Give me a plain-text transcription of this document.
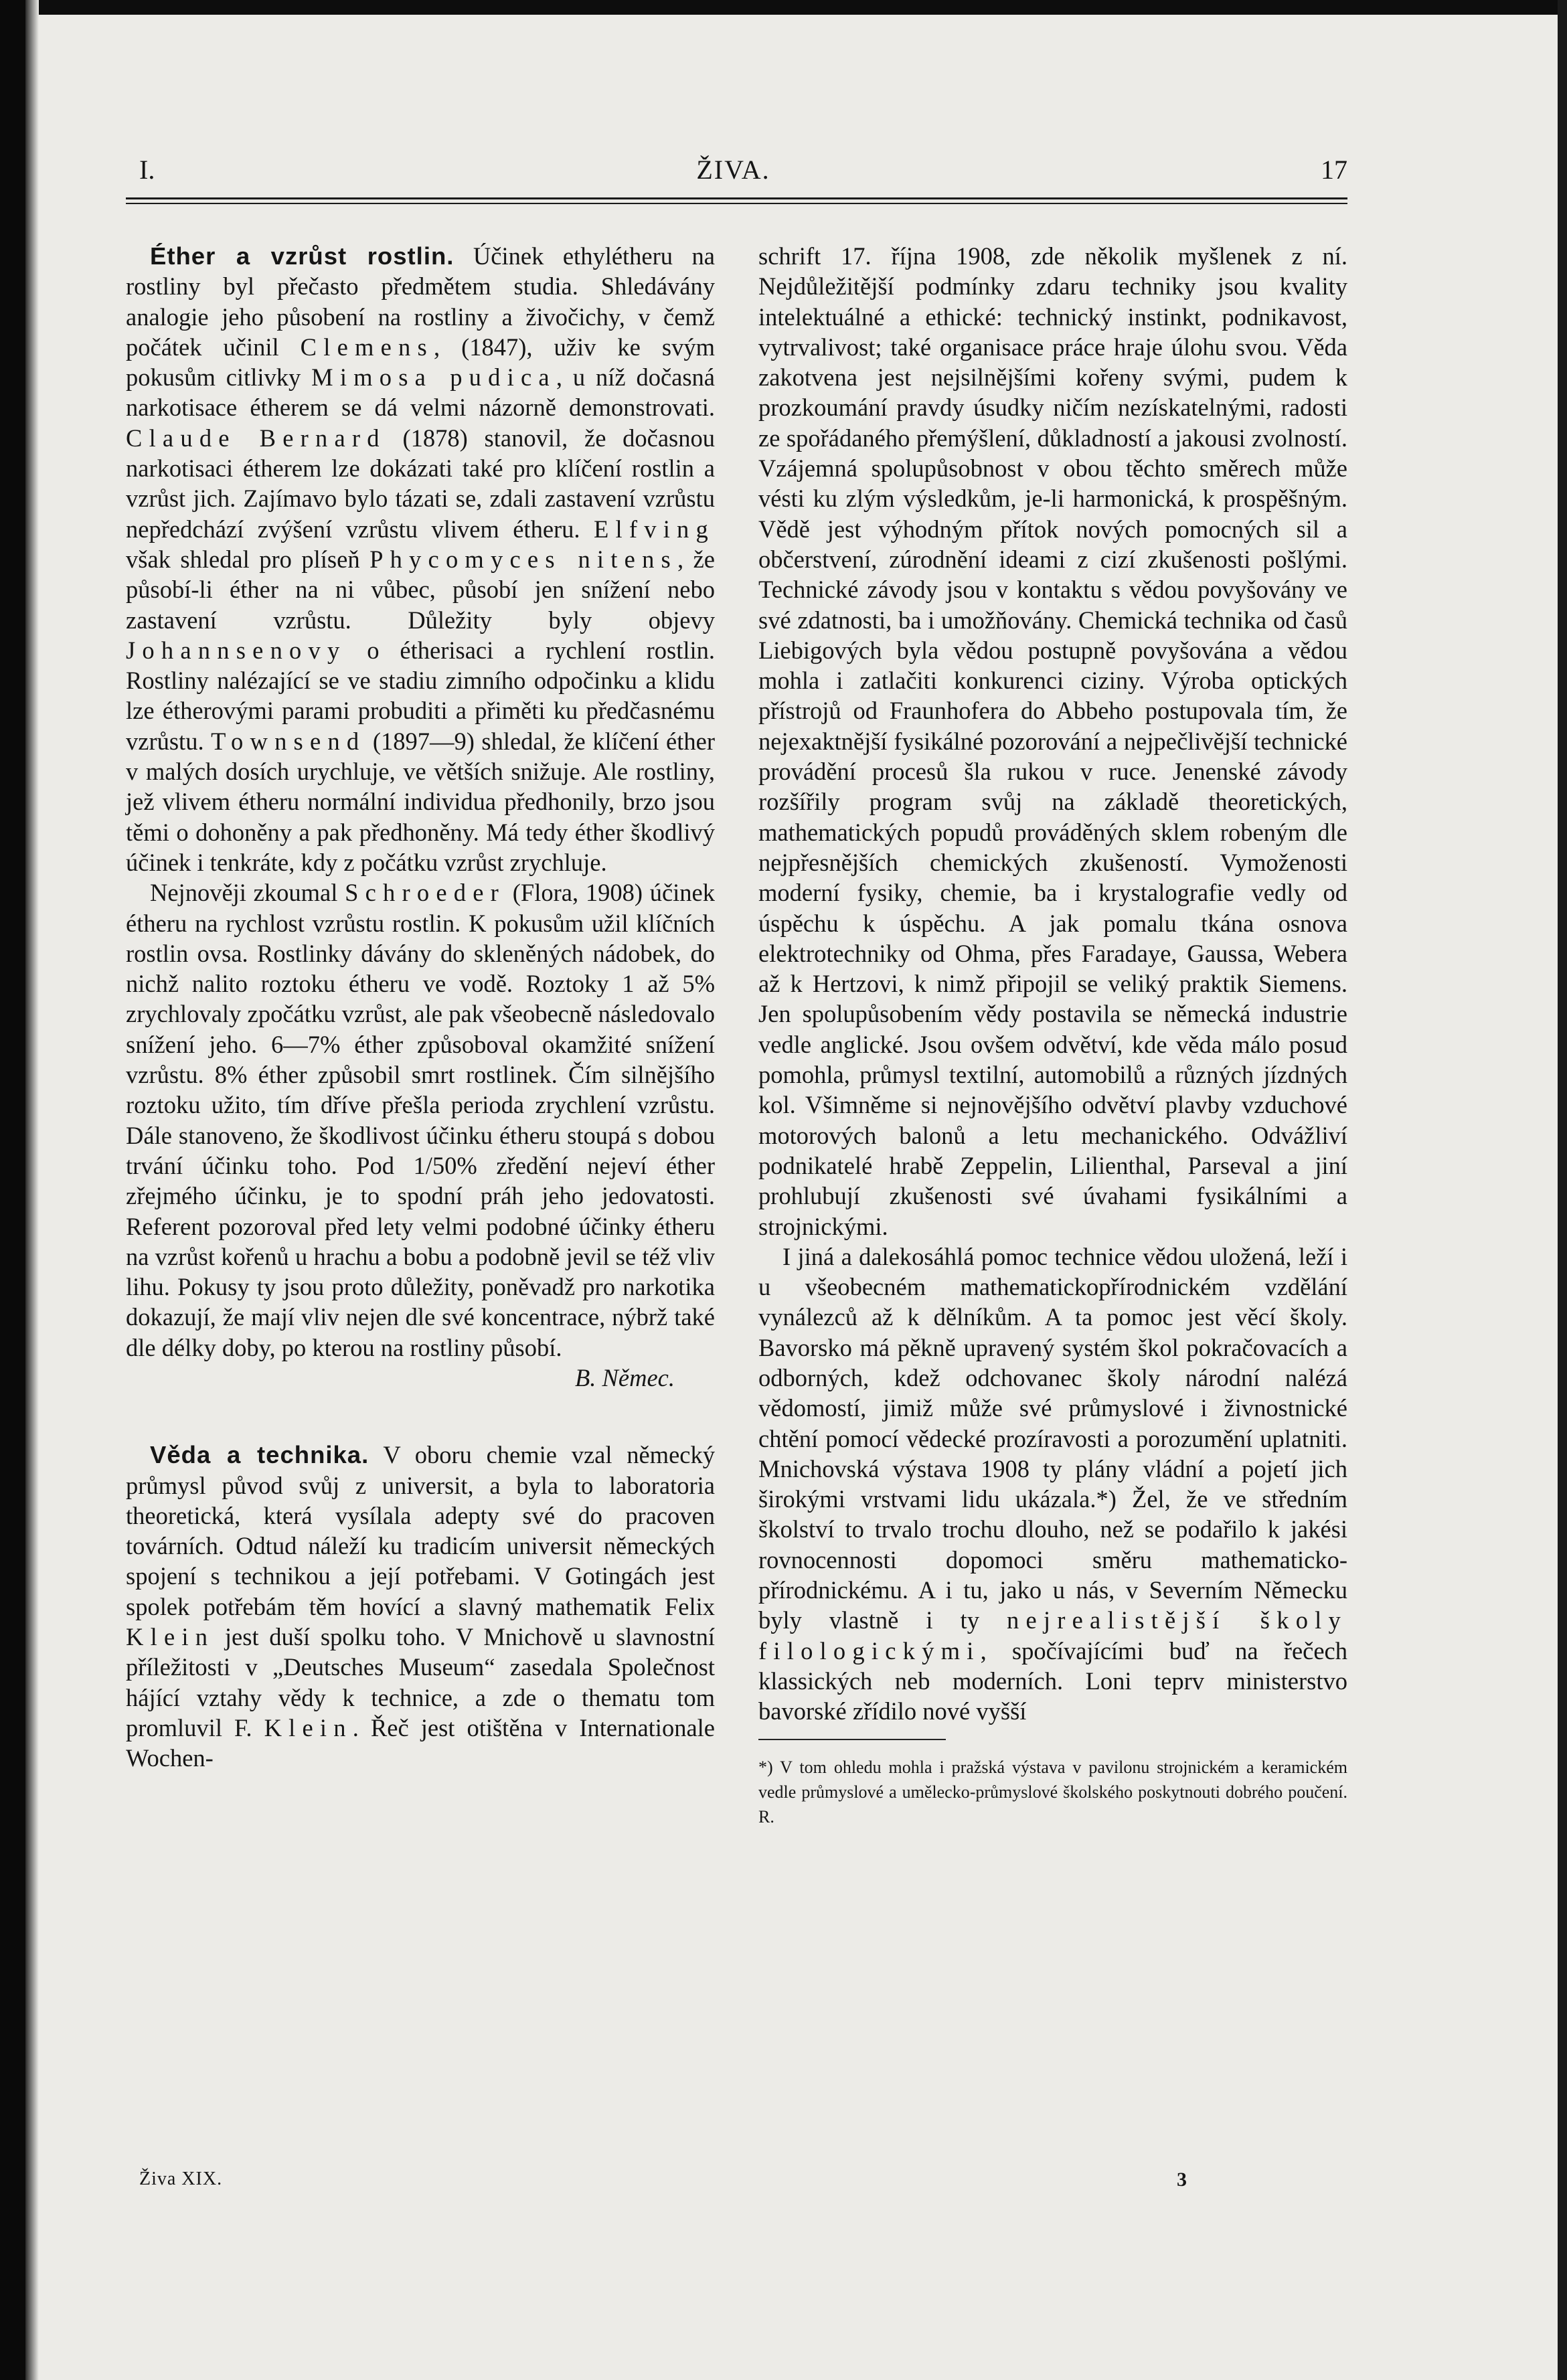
I.	ŽIVA.	17

Éther a vzrůst rostlin. Účinek ethylétheru na rostliny byl přečasto předmětem studia. Shledávány analogie jeho působení na rostliny a živočichy, v čemž počátek učinil Clemens, (1847), uživ ke svým pokusům citlivky Mimosa pudica, u níž dočasná narkotisace étherem se dá velmi názorně demonstrovati. Claude Bernard (1878) stanovil, že dočasnou narkotisaci étherem lze dokázati také pro klíčení rostlin a vzrůst jich. Zajímavo bylo tázati se, zdali zastavení vzrůstu nepředchází zvýšení vzrůstu vlivem étheru. Elfving však shledal pro plíseň Phycomyces nitens, že působí-li éther na ni vůbec, působí jen snížení nebo zastavení vzrůstu. Důležity byly objevy Johannsenovy o étherisaci a rychlení rostlin. Rostliny nalézající se ve stadiu zimního odpočinku a klidu lze étherovými parami probuditi a přiměti ku předčasnému vzrůstu. Townsend (1897—9) shledal, že klíčení éther v malých dosích urychluje, ve větších snižuje. Ale rostliny, jež vlivem étheru normální individua předhonily, brzo jsou těmi o dohoněny a pak předhoněny. Má tedy éther škodlivý účinek i tenkráte, kdy z počátku vzrůst zrychluje.

Nejnověji zkoumal Schroeder (Flora, 1908) účinek étheru na rychlost vzrůstu rostlin. K pokusům užil klíčních rostlin ovsa. Rostlinky dávány do skleněných nádobek, do nichž nalito roztoku étheru ve vodě. Roztoky 1 až 5% zrychlovaly zpočátku vzrůst, ale pak všeobecně následovalo snížení jeho. 6—7% éther způsoboval okamžité snížení vzrůstu. 8% éther způsobil smrt rostlinek. Čím silnějšího roztoku užito, tím dříve přešla perioda zrychlení vzrůstu. Dále stanoveno, že škodlivost účinku étheru stoupá s dobou trvání účinku toho. Pod 1/50% zředění nejeví éther zřejmého účinku, je to spodní práh jeho jedovatosti. Referent pozoroval před lety velmi podobné účinky étheru na vzrůst kořenů u hrachu a bobu a podobně jevil se též vliv lihu. Pokusy ty jsou proto důležity, poněvadž pro narkotika dokazují, že mají vliv nejen dle své koncentrace, nýbrž také dle délky doby, po kterou na rostliny působí.

B. Němec.

Věda a technika. V oboru chemie vzal německý průmysl původ svůj z universit, a byla to laboratoria theoretická, která vysílala adepty své do pracoven továrních. Odtud náleží ku tradicím universit německých spojení s technikou a její potřebami. V Gotingách jest spolek potřebám těm hovící a slavný mathematik Felix Klein jest duší spolku toho. V Mnichově u slavnostní příležitosti v „Deutsches Museum“ zasedala Společnost hájící vztahy vědy k technice, a zde o thematu tom promluvil F. Klein. Řeč jest otištěna v Internationale Wochen-

schrift 17. října 1908, zde několik myšlenek z ní. Nejdůležitější podmínky zdaru techniky jsou kvality intelektuálné a ethické: technický instinkt, podnikavost, vytrvalivost; také organisace práce hraje úlohu svou. Věda zakotvena jest nejsilnějšími kořeny svými, pudem k prozkoumání pravdy úsudky ničím nezískatelnými, radosti ze spořádaného přemýšlení, důkladností a jakousi zvolností. Vzájemná spolupůsobnost v obou těchto směrech může vésti ku zlým výsledkům, je-li harmonická, k prospěšným. Vědě jest výhodným přítok nových pomocných sil a občerstvení, zúrodnění ideami z cizí zkušenosti pošlými. Technické závody jsou v kontaktu s vědou povyšovány ve své zdatnosti, ba i umožňovány. Chemická technika od časů Liebigových byla vědou postupně povyšována a vědou mohla i zatlačiti konkurenci ciziny. Výroba optických přístrojů od Fraunhofera do Abbeho postupovala tím, že nejexaktnější fysikálné pozorování a nejpečlivější technické provádění procesů šla rukou v ruce. Jenenské závody rozšířily program svůj na základě theoretických, mathematických popudů prováděných sklem robeným dle nejpřesnějších chemických zkušeností. Vymoženosti moderní fysiky, chemie, ba i krystalografie vedly od úspěchu k úspěchu. A jak pomalu tkána osnova elektrotechniky od Ohma, přes Faradaye, Gaussa, Webera až k Hertzovi, k nimž připojil se veliký praktik Siemens. Jen spolupůsobením vědy postavila se německá industrie vedle anglické. Jsou ovšem odvětví, kde věda málo posud pomohla, průmysl textilní, automobilů a různých jízdných kol. Všimněme si nejnovějšího odvětví plavby vzduchové motorových balonů a letu mechanického. Odvážliví podnikatelé hrabě Zeppelin, Lilienthal, Parseval a jiní prohlubují zkušenosti své úvahami fysikálními a strojnickými.

I jiná a dalekosáhlá pomoc technice vědou uložená, leží i u všeobecném mathematickopřírodnickém vzdělání vynálezců až k dělníkům. A ta pomoc jest věcí školy. Bavorsko má pěkně upravený systém škol pokračovacích a odborných, kdež odchovanec školy národní nalézá vědomostí, jimiž může své průmyslové i živnostnické chtění pomocí vědecké prozíravosti a porozumění uplatniti. Mnichovská výstava 1908 ty plány vládní a pojetí jich širokými vrstvami lidu ukázala.*) Žel, že ve středním školství to trvalo trochu dlouho, než se podařilo k jakési rovnocennosti dopomoci směru mathematicko-přírodnickému. A i tu, jako u nás, v Severním Německu byly vlastně i ty nejrealistější školy filologickými, spočívajícími buď na řečech klassických neb moderních. Loni teprv ministerstvo bavorské zřídilo nové vyšší

*) V tom ohledu mohla i pražská výstava v pavilonu strojnickém a keramickém vedle průmyslové a umělecko-průmyslové školského poskytnouti dobrého poučení. R.

Živa XIX.	3
